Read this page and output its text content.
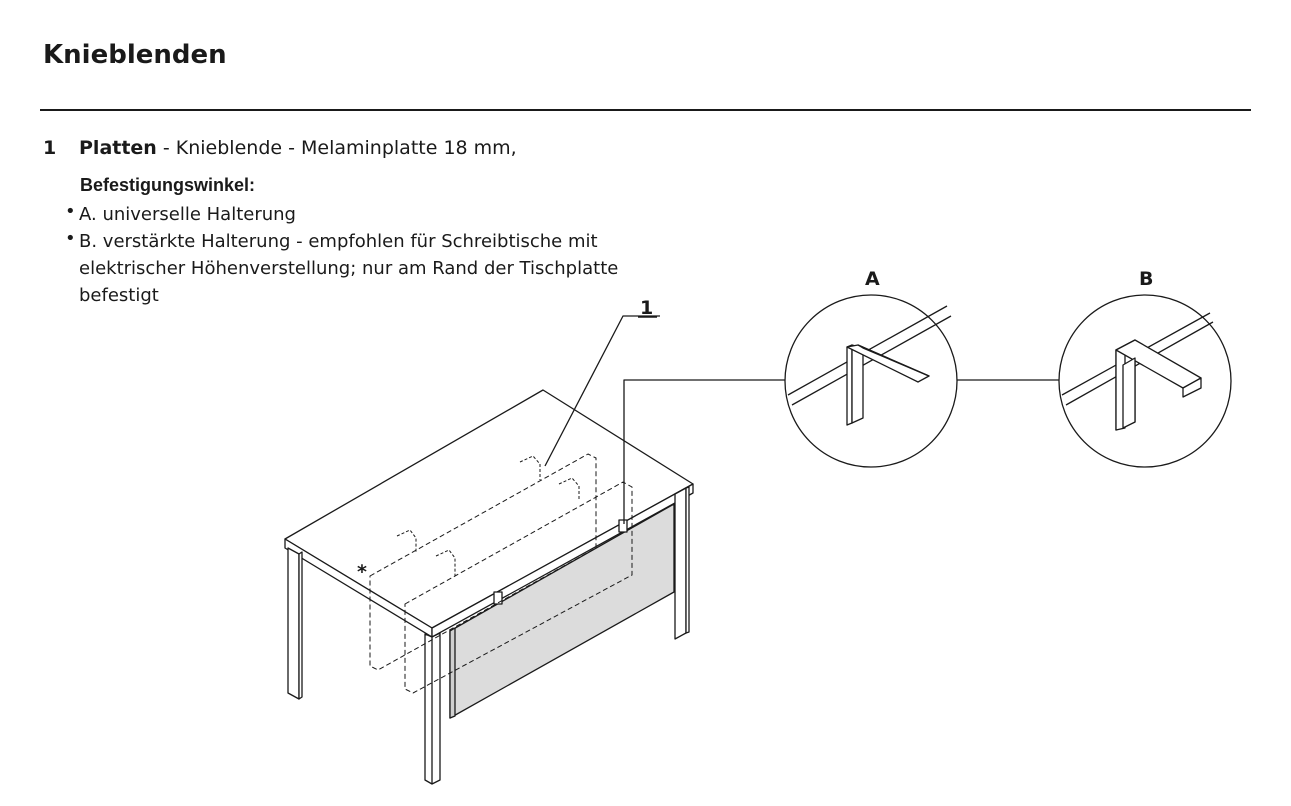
Knieblenden
1 Platten - Knieblende - Melaminplatte 18 mm,
Befestigungswinkel:
• A. universelle Halterung
• B. verstärkte Halterung - empfohlen für Schreibtische mit elektrischer Höhenverstellung; nur am Rand der Tischplatte befestigt
1
A	B
*
